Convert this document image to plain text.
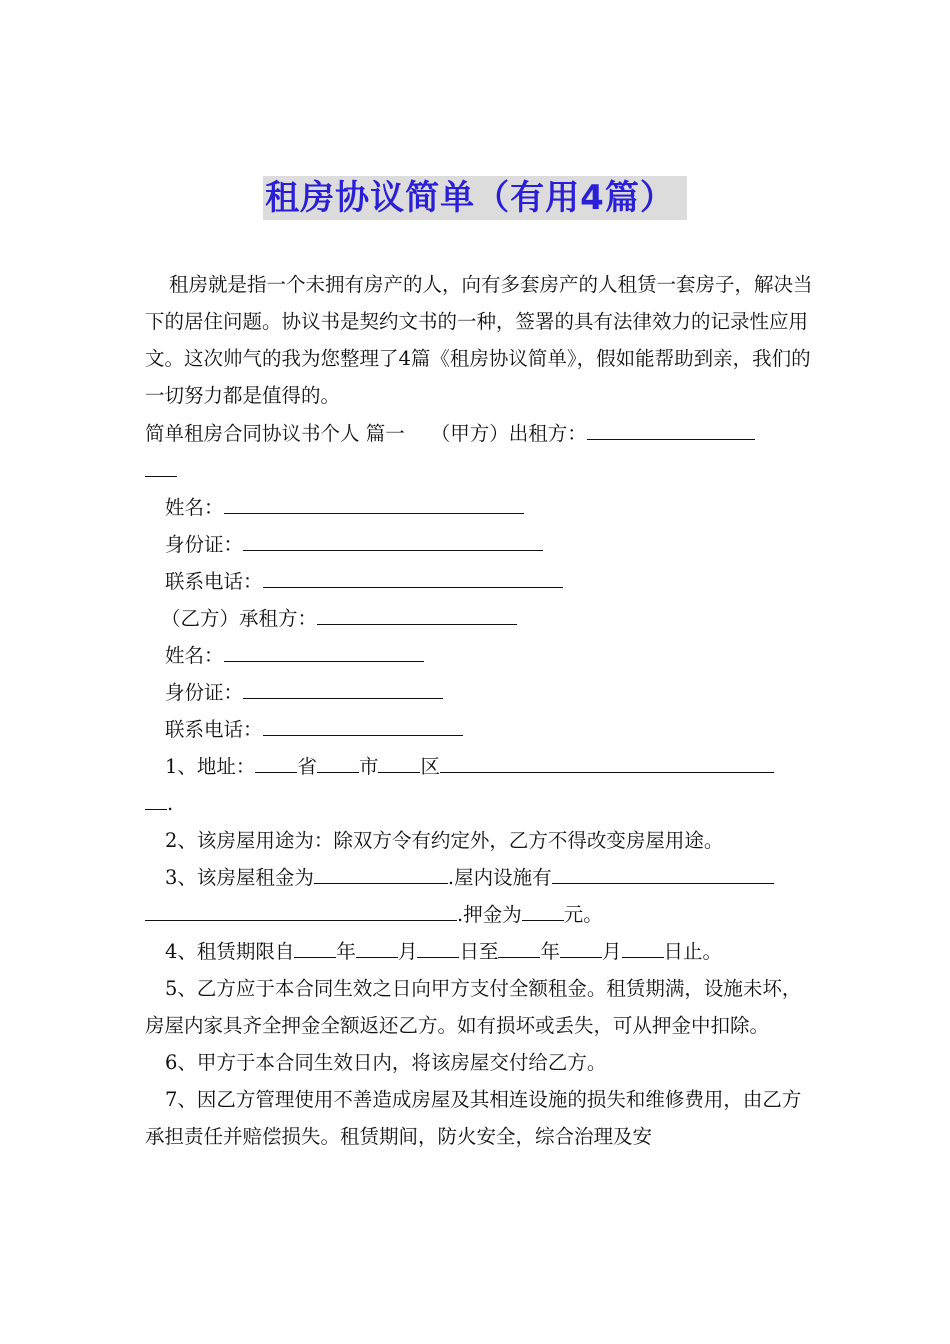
租房协议简单（有用4篇）

租房就是指一个未拥有房产的人，向有多套房产的人租赁一套房子，解决当下的居住问题。协议书是契约文书的一种，签署的具有法律效力的记录性应用文。这次帅气的我为您整理了4篇《租房协议简单》，假如能帮助到亲，我们的一切努力都是值得的。

简单租房合同协议书个人 篇一 （甲方）出租方：

姓名：

身份证：

联系电话：

（乙方）承租方：

姓名：

身份证：

联系电话：

1、地址： 省 市 区

.

2、该房屋用途为：除双方令有约定外，乙方不得改变房屋用途。

3、该房屋租金为	.屋内设施有

.押金为 元。

4、租赁期限自 年 月 日至 年 月 日止。

5、乙方应于本合同生效之日向甲方支付全额租金。租赁期满，设施未坏，房屋内家具齐全押金全额返还乙方。如有损坏或丢失，可从押金中扣除。

6、甲方于本合同生效日内，将该房屋交付给乙方。

7、因乙方管理使用不善造成房屋及其相连设施的损失和维修费用，由乙方承担责任并赔偿损失。租赁期间，防火安全，综合治理及安
